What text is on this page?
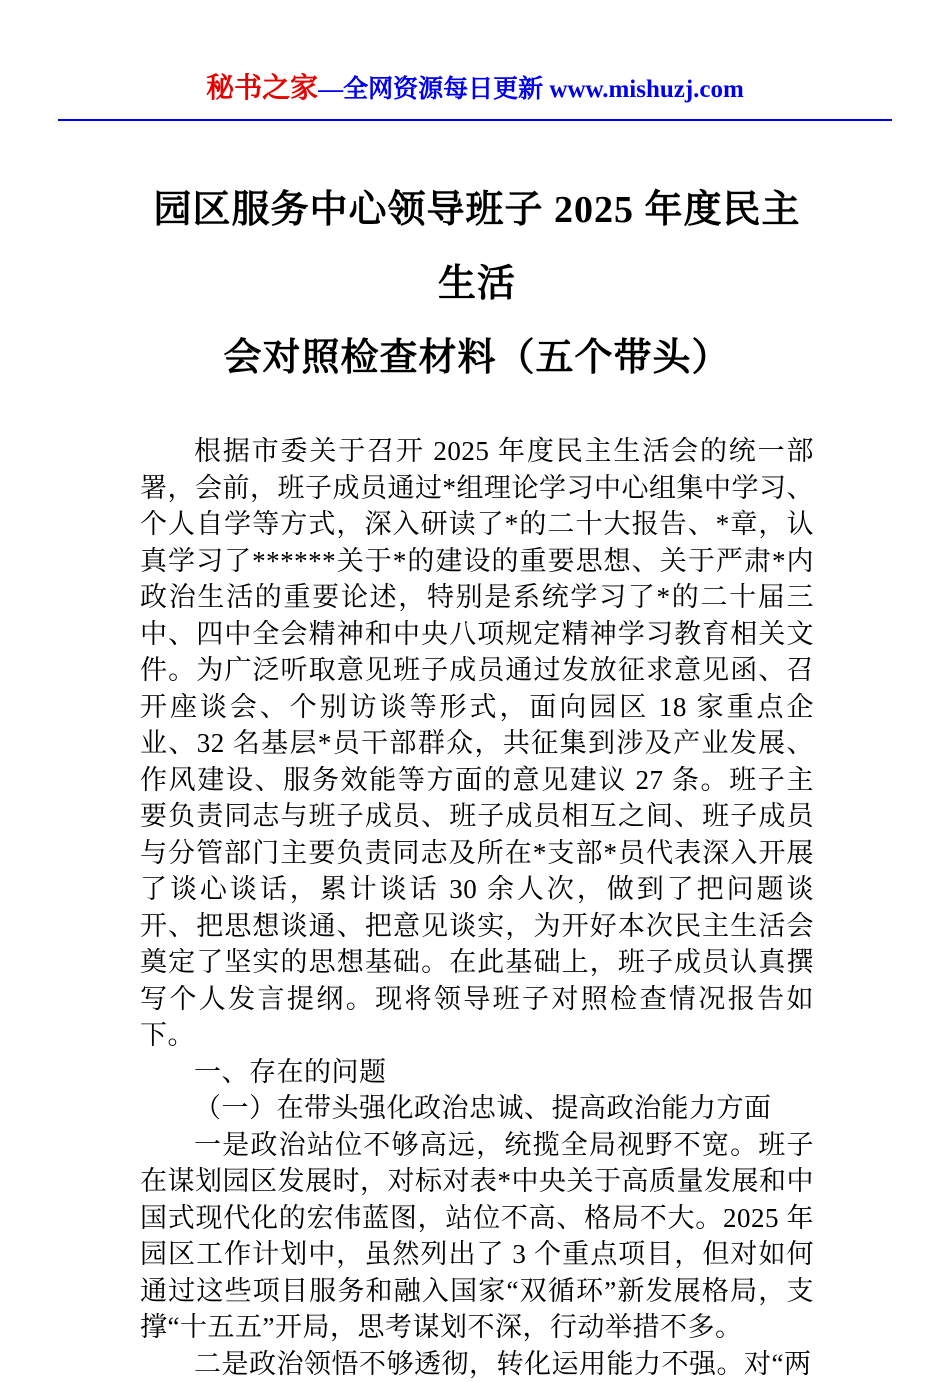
秘书之家—全网资源每日更新 www.mishuzj.com
园区服务中心领导班子 2025 年度民主生活
会对照检查材料（五个带头）

根据市委关于召开 2025 年度民主生活会的统一部署，会前，班子成员通过*组理论学习中心组集中学习、个人自学等方式，深入研读了*的二十大报告、*章，认真学习了******关于*的建设的重要思想、关于严肃*内政治生活的重要论述，特别是系统学习了*的二十届三中、四中全会精神和中央八项规定精神学习教育相关文件。为广泛听取意见班子成员通过发放征求意见函、召开座谈会、个别访谈等形式，面向园区 18 家重点企业、32 名基层*员干部群众，共征集到涉及产业发展、作风建设、服务效能等方面的意见建议 27 条。班子主要负责同志与班子成员、班子成员相互之间、班子成员与分管部门主要负责同志及所在*支部*员代表深入开展了谈心谈话，累计谈话 30 余人次，做到了把问题谈开、把思想谈通、把意见谈实，为开好本次民主生活会奠定了坚实的思想基础。在此基础上，班子成员认真撰写个人发言提纲。现将领导班子对照检查情况报告如下。

一、存在的问题

（一）在带头强化政治忠诚、提高政治能力方面

一是政治站位不够高远，统揽全局视野不宽。班子在谋划园区发展时，对标对表*中央关于高质量发展和中国式现代化的宏伟蓝图，站位不高、格局不大。2025 年园区工作计划中，虽然列出了 3 个重点项目，但对如何通过这些项目服务和融入国家“双循环”新发展格局，支撑“十五五”开局，思考谋划不深，行动举措不多。

二是政治领悟不够透彻，转化运用能力不强。对“两
